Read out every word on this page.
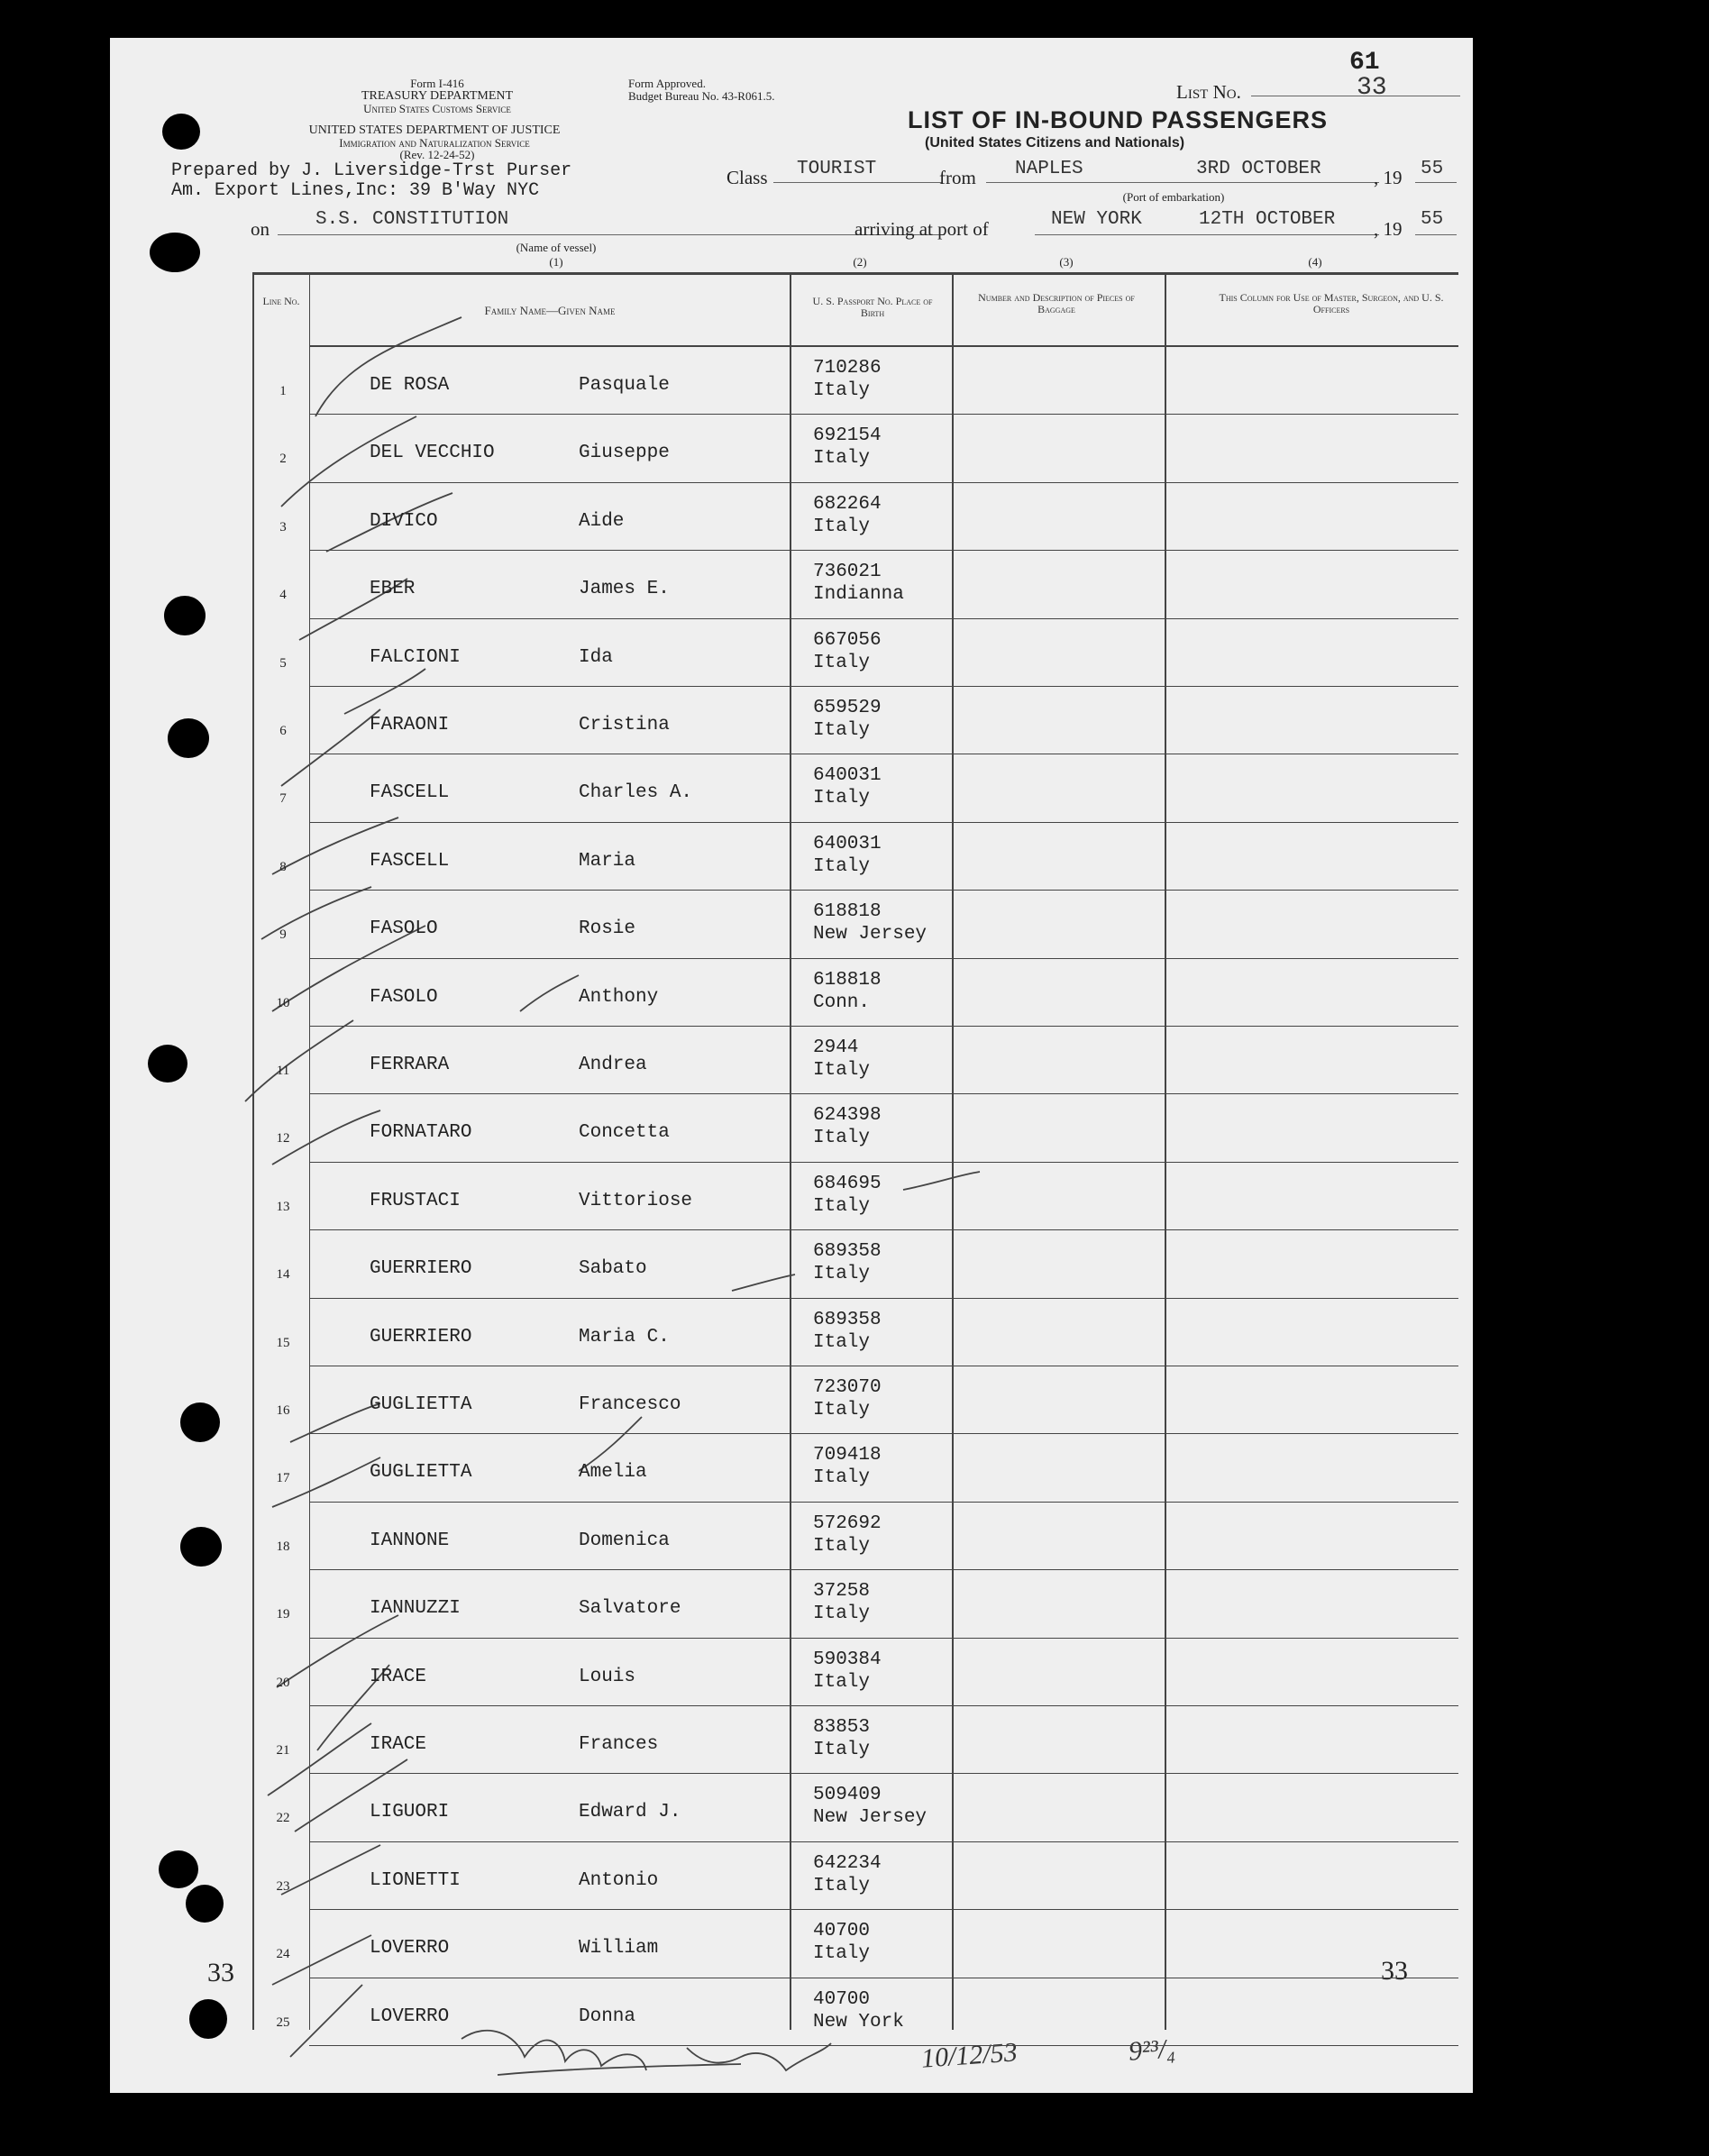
Form I-416
TREASURY DEPARTMENT
United States Customs Service
UNITED STATES DEPARTMENT OF JUSTICE
Immigration and Naturalization Service
(Rev. 12-24-52)
Form Approved.
Budget Bureau No. 43-R061.5.
Prepared by J. Liversidge-Trst Purser
Am. Export Lines,Inc: 39 B'Way NYC
LIST OF IN-BOUND PASSENGERS
(United States Citizens and Nationals)
List No.
61
33
Class TOURIST	from NAPLES	3RD OCTOBER	, 19 55
(Port of embarkation)
on S.S. CONSTITUTION	arriving at port of	NEW YORK	12TH OCTOBER , 19 55
(Name of vessel)
(1)	(2)	(3)	(4)
Line No.
Family Name—Given Name
U. S. Passport No. Place of Birth
Number and Description of Pieces of Baggage
This Column for Use of Master, Surgeon, and U. S. Officers
33	33
10/12/53	9²³/₄
1	DE ROSA	Pasquale
710286
Italy
2	DEL VECCHIO	Giuseppe
692154
Italy
3	DIVICO	Aide
682264
Italy
4	EBER	James E.
736021
Indianna
5	FALCIONI	Ida
667056
Italy
6	FARAONI	Cristina
659529
Italy
7	FASCELL	Charles A.
640031
Italy
8	FASCELL	Maria
640031
Italy
9	FASOLO	Rosie
618818
New Jersey
10	FASOLO	Anthony
618818
Conn.
11	FERRARA	Andrea
2944
Italy
12	FORNATARO	Concetta
624398
Italy
13	FRUSTACI	Vittoriose
684695
Italy
14	GUERRIERO	Sabato
689358
Italy
15	GUERRIERO	Maria C.
689358
Italy
16	GUGLIETTA	Francesco
723070
Italy
17	GUGLIETTA	Amelia
709418
Italy
18	IANNONE	Domenica
572692
Italy
19	IANNUZZI	Salvatore
37258
Italy
20	IRACE	Louis
590384
Italy
21	IRACE	Frances
83853
Italy
22	LIGUORI	Edward J.
509409
New Jersey
23	LIONETTI	Antonio
642234
Italy
24	LOVERRO	William
40700
Italy
25	LOVERRO	Donna
40700
New York
